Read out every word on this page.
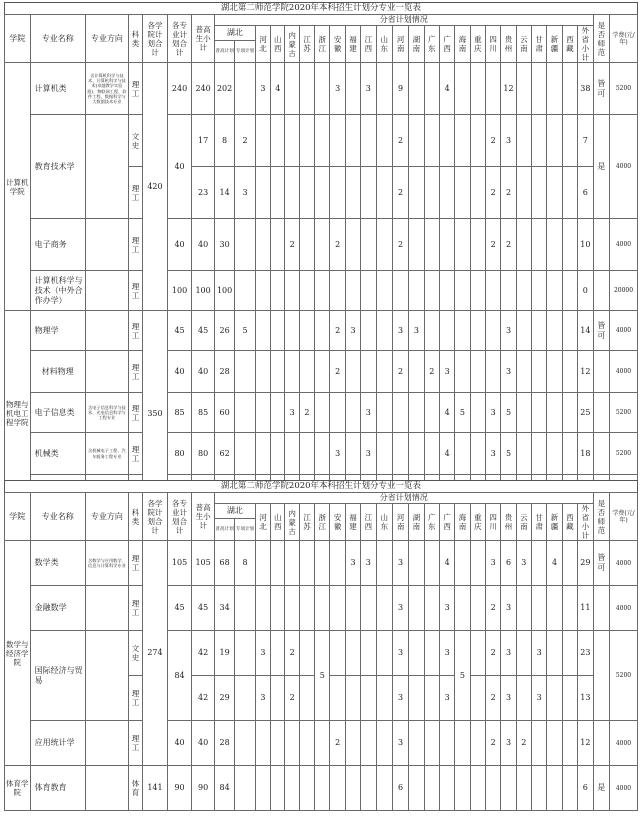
湖北第二师范学院2020年本科招生计划分专业一览表
学院	专业名称	专业方向	科类	各学院计划合计	各专业计划合计	普高生小计	分省计划情况																								是否师范	学费(元/年)
							湖北		河北	山西	内蒙古	江苏	浙江	安徽	福建	江西	山东	河南	湖南	广东	广西	海南	重庆	四川	贵州	云南	甘肃	新疆	西藏	外省小计		
							普高计划	专项计划																								
计算机学院	计算机类	含计算机科学与技术、计算机科学与技术(卓越教学实验班)、物联网工程、软件工程、数据科学与大数据技术专业	理工	420	240	240	202		3	4				3		3		9			4				12					38	皆可	5200
	教育技术学		文史		40	17	8	2										2						2	3					7	是	4000
			理工			23	14	3										2						2	2					6		
	电子商务		理工		40	40	30				2			2				2						2	2					10		4000
	计算机科学与技术（中外合作办学）		理工		100	100	100																							0		20000
物理与机电工程学院	物理学		理工	350	45	45	26	5						2	3			3	3						3					14	皆可	4000
	材料物理		理工		40	40	28							2				2		2	3				3					12		4000
	电子信息类	含电子信息科学与技术、光电信息科学与工程专业	理工		85	85	60				3	2				3					4	5		3	5					25		5200
	机械类	含机械电子工程、汽车服务工程专业	理工		80	80	62							3		3					4			3	5					18		5200

湖北第二师范学院2020年本科招生计划分专业一览表
学院	专业名称	专业方向	科类	各学院计划合计	各专业计划合计	普高生小计	分省计划情况																								是否师范	学费(元/年)
							湖北		河北	山西	内蒙古	江苏	浙江	安徽	福建	江西	山东	河南	湖南	广东	广西	海南	重庆	四川	贵州	云南	甘肃	新疆	西藏	外省小计		
							普高计划	专项计划																								
数学与经济学院	数学类	含数学与应用数学、信息与计算科学专业	理工	274	105	105	68	8							3	3		3			4			3	6	3		4		29	皆可	4000
	金融数学		理工		45	45	34											3			3			2	3					11		4000
	国际经济与贸易		文史		84	42	19		3		2		5					3			3	5		2	3		3			23		5200
			理工			42	29		3		2							3			3			2	3		3			13		
	应用统计学		理工		40	40	28							2				3						2	3	2				12		4000
体育学院	体育教育		体育	141	90	90	84											6												6	是	4000
